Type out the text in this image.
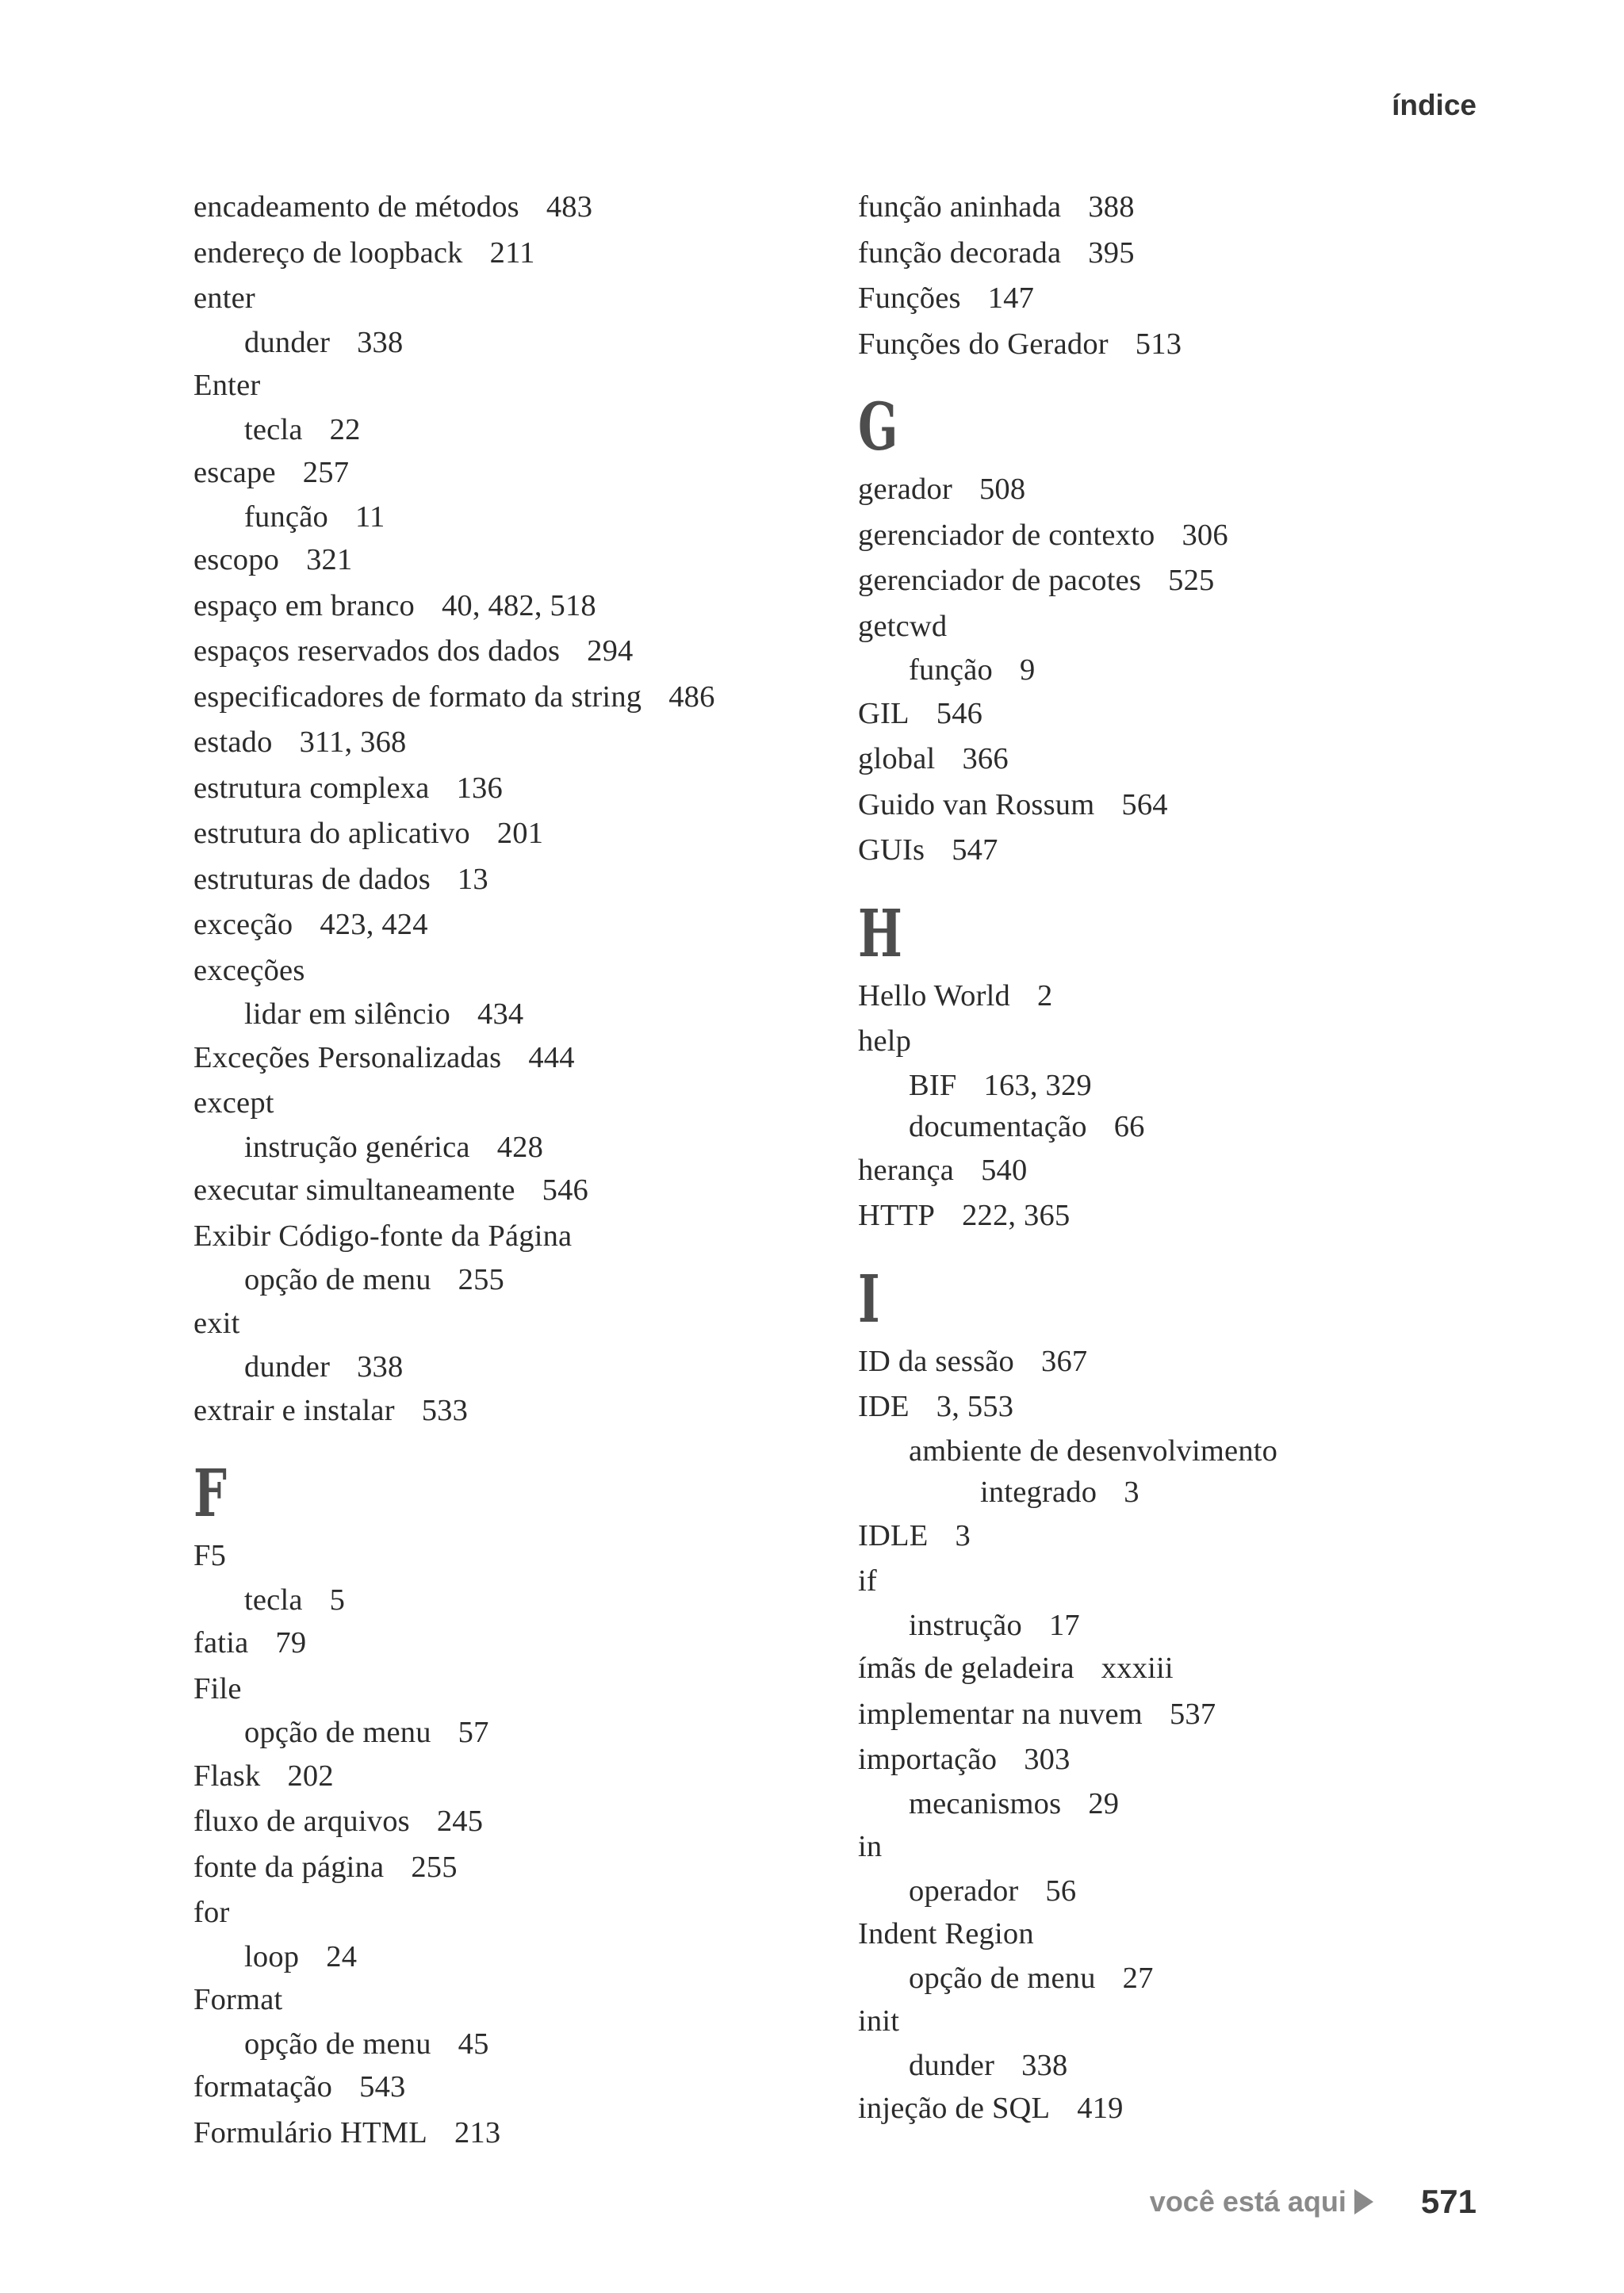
índice
encadeamento de métodos 483
endereço de loopback 211
enter
dunder 338
Enter
tecla 22
escape 257
função 11
escopo 321
espaço em branco 40, 482, 518
espaços reservados dos dados 294
especificadores de formato da string 486
estado 311, 368
estrutura complexa 136
estrutura do aplicativo 201
estruturas de dados 13
exceção 423, 424
exceções
lidar em silêncio 434
Exceções Personalizadas 444
except
instrução genérica 428
executar simultaneamente 546
Exibir Código-fonte da Página
opção de menu 255
exit
dunder 338
extrair e instalar 533
F
F5
tecla 5
fatia 79
File
opção de menu 57
Flask 202
fluxo de arquivos 245
fonte da página 255
for
loop 24
Format
opção de menu 45
formatação 543
Formulário HTML 213
função aninhada 388
função decorada 395
Funções 147
Funções do Gerador 513
G
gerador 508
gerenciador de contexto 306
gerenciador de pacotes 525
getcwd
função 9
GIL 546
global 366
Guido van Rossum 564
GUIs 547
H
Hello World 2
help
BIF 163, 329
documentação 66
herança 540
HTTP 222, 365
I
ID da sessão 367
IDE 3, 553
ambiente de desenvolvimento
integrado 3
IDLE 3
if
instrução 17
ímãs de geladeira xxxiii
implementar na nuvem 537
importação 303
mecanismos 29
in
operador 56
Indent Region
opção de menu 27
init
dunder 338
injeção de SQL 419
você está aqui 571
